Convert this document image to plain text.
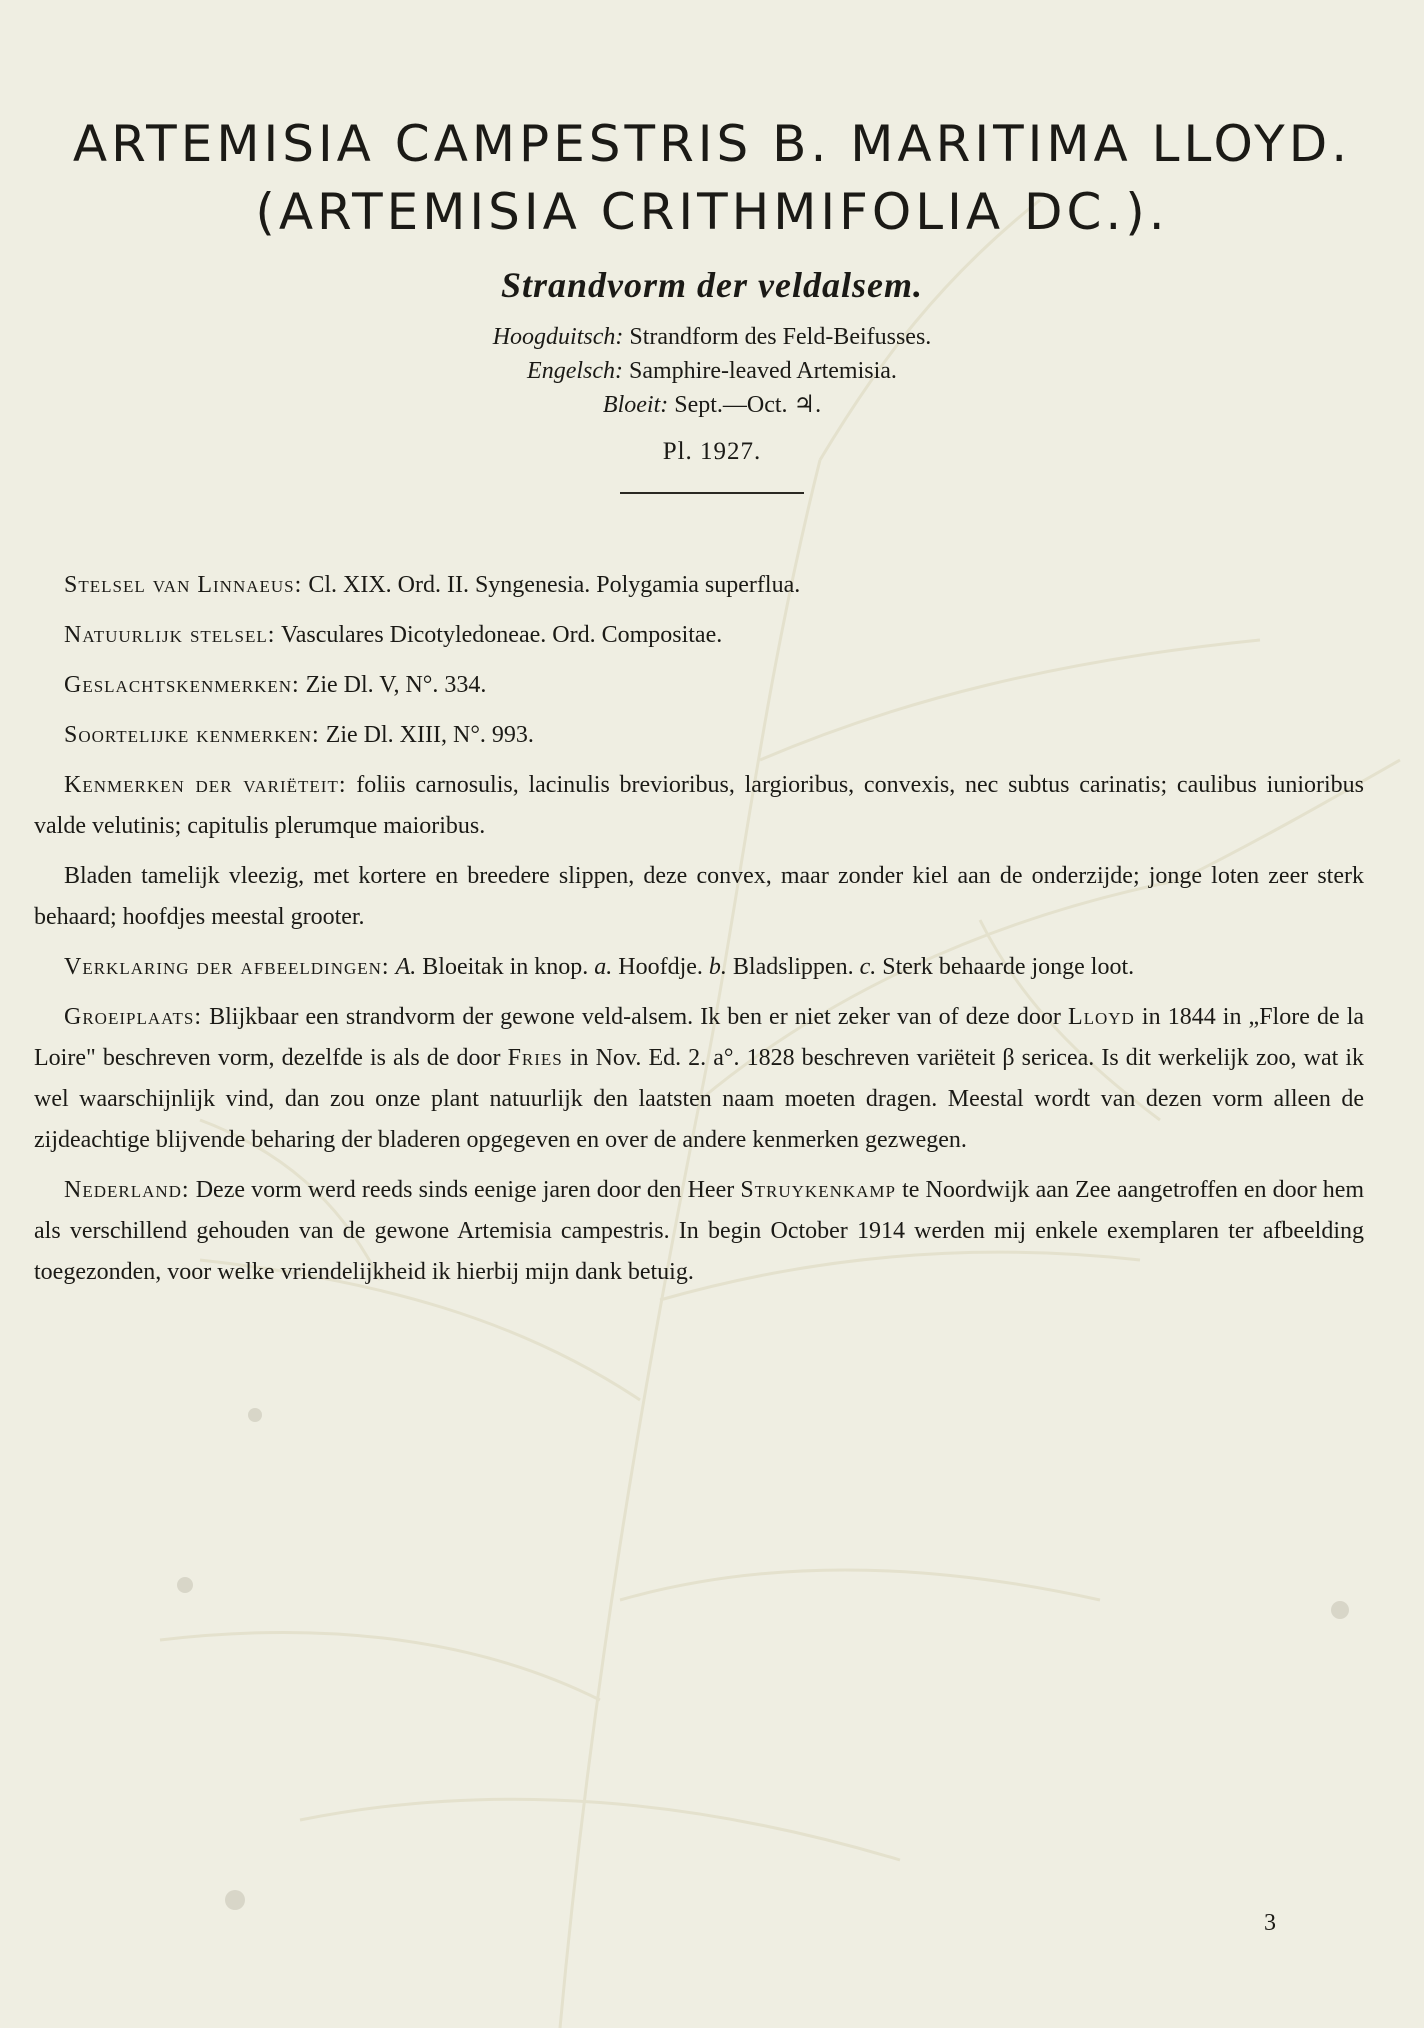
ARTEMISIA CAMPESTRIS B. MARITIMA LLOYD.
(ARTEMISIA CRITHMIFOLIA DC.).
Strandvorm der veldalsem.
Hoogduitsch: Strandform des Feld-Beifusses.
Engelsch: Samphire-leaved Artemisia.
Bloeit: Sept.—Oct. ♃.
Pl. 1927.

Stelsel van Linnaeus: Cl. XIX. Ord. II. Syngenesia. Polygamia superflua.

Natuurlijk stelsel: Vasculares Dicotyledoneae. Ord. Compositae.

Geslachtskenmerken: Zie Dl. V, N°. 334.

Soortelijke kenmerken: Zie Dl. XIII, N°. 993.

Kenmerken der variëteit: foliis carnosulis, lacinulis brevioribus, largioribus, convexis, nec subtus carinatis; caulibus iunioribus valde velutinis; capitulis plerumque maioribus.

Bladen tamelijk vleezig, met kortere en breedere slippen, deze convex, maar zonder kiel aan de onderzijde; jonge loten zeer sterk behaard; hoofdjes meestal grooter.

Verklaring der afbeeldingen: A. Bloeitak in knop. a. Hoofdje. b. Bladslippen. c. Sterk behaarde jonge loot.

Groeiplaats: Blijkbaar een strandvorm der gewone veld-alsem. Ik ben er niet zeker van of deze door Lloyd in 1844 in „Flore de la Loire" beschreven vorm, dezelfde is als de door Fries in Nov. Ed. 2. a°. 1828 beschreven variëteit β sericea. Is dit werkelijk zoo, wat ik wel waarschijnlijk vind, dan zou onze plant natuurlijk den laatsten naam moeten dragen. Meestal wordt van dezen vorm alleen de zijdeachtige blijvende beharing der bladeren opgegeven en over de andere kenmerken gezwegen.

Nederland: Deze vorm werd reeds sinds eenige jaren door den Heer Struykenkamp te Noordwijk aan Zee aangetroffen en door hem als verschillend gehouden van de gewone Artemisia campestris. In begin October 1914 werden mij enkele exemplaren ter afbeelding toegezonden, voor welke vriendelijkheid ik hierbij mijn dank betuig.

3
